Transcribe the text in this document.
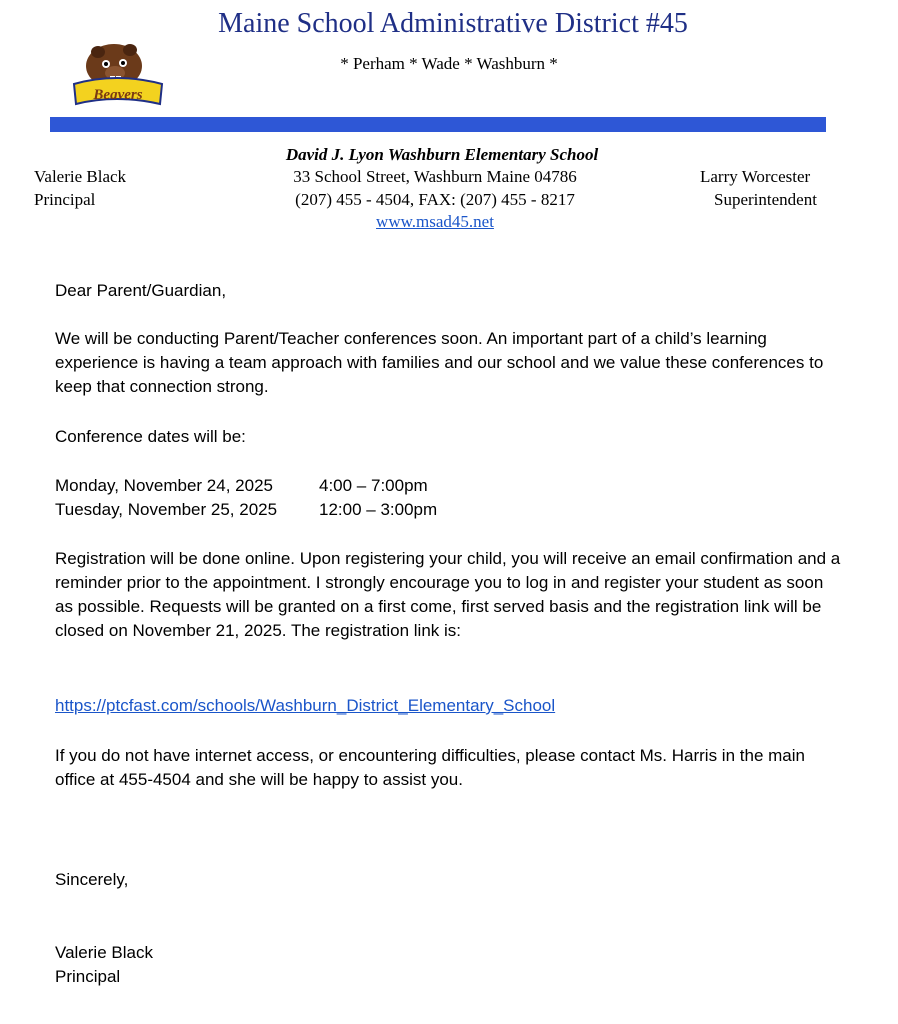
Maine School Administrative District #45
* Perham * Wade * Washburn *
Beavers
David J. Lyon Washburn Elementary School
Valerie Black
Principal
33 School Street, Washburn Maine 04786
(207) 455 - 4504, FAX: (207) 455 - 8217
www.msad45.net
Larry Worcester
Superintendent

Dear Parent/Guardian,

We will be conducting Parent/Teacher conferences soon. An important part of a child’s learning experience is having a team approach with families and our school and we value these conferences to keep that connection strong.

Conference dates will be:

Monday, November 24, 2025	4:00 – 7:00pm
Tuesday, November 25, 2025	12:00 – 3:00pm

Registration will be done online. Upon registering your child, you will receive an email confirmation and a reminder prior to the appointment. I strongly encourage you to log in and register your student as soon as possible. Requests will be granted on a first come, first served basis and the registration link will be closed on November 21, 2025. The registration link is:

https://ptcfast.com/schools/Washburn_District_Elementary_School

If you do not have internet access, or encountering difficulties, please contact Ms. Harris in the main office at 455-4504 and she will be happy to assist you.

Sincerely,

Valerie Black

Principal
